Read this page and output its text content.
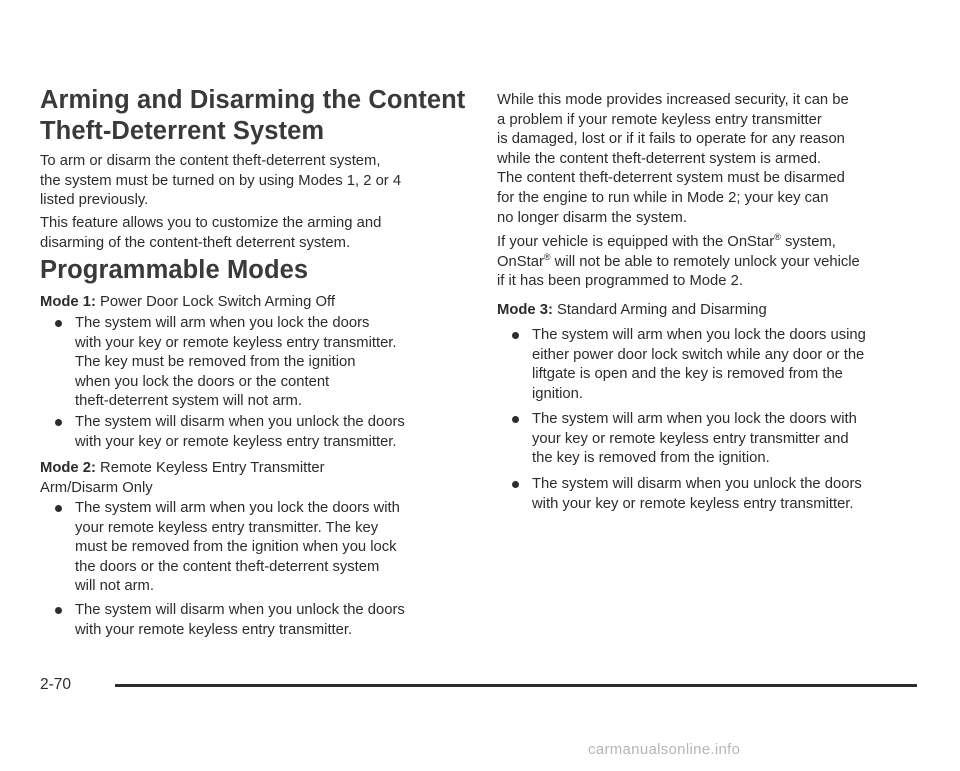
Arming and Disarming the Content
Theft-Deterrent System

To arm or disarm the content theft-deterrent system,
the system must be turned on by using Modes 1, 2 or 4
listed previously.

This feature allows you to customize the arming and
disarming of the content-theft deterrent system.

Programmable Modes

Mode 1: Power Door Lock Switch Arming Off

The system will arm when you lock the doors
with your key or remote keyless entry transmitter.
The key must be removed from the ignition
when you lock the doors or the content
theft-deterrent system will not arm.

The system will disarm when you unlock the doors
with your key or remote keyless entry transmitter.

Mode 2: Remote Keyless Entry Transmitter
Arm/Disarm Only

The system will arm when you lock the doors with
your remote keyless entry transmitter. The key
must be removed from the ignition when you lock
the doors or the content theft-deterrent system
will not arm.

The system will disarm when you unlock the doors
with your remote keyless entry transmitter.

While this mode provides increased security, it can be
a problem if your remote keyless entry transmitter
is damaged, lost or if it fails to operate for any reason
while the content theft-deterrent system is armed.
The content theft-deterrent system must be disarmed
for the engine to run while in Mode 2; your key can
no longer disarm the system.

If your vehicle is equipped with the OnStar® system,
OnStar® will not be able to remotely unlock your vehicle
if it has been programmed to Mode 2.

Mode 3: Standard Arming and Disarming

The system will arm when you lock the doors using
either power door lock switch while any door or the
liftgate is open and the key is removed from the
ignition.

The system will arm when you lock the doors with
your key or remote keyless entry transmitter and
the key is removed from the ignition.

The system will disarm when you unlock the doors
with your key or remote keyless entry transmitter.

2-70
carmanualsonline.info
